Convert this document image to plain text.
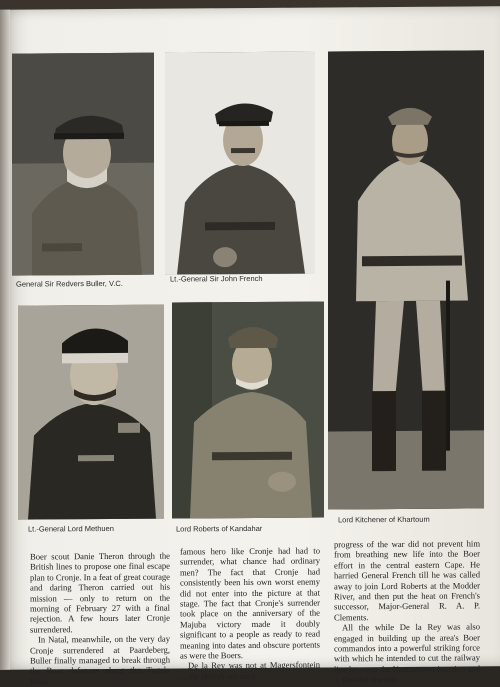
General Sir Redvers Buller, V.C.
Lt.-General Sir John French
Lord Kitchener of Khartoum
Lt.-General Lord Methuen	Lord Roberts of Kandahar

Boer scout Danie Theron through the British lines to propose one final escape plan to Cronje. In a feat of great courage and daring Theron carried out his mission — only to return on the morning of February 27 with a final rejection. A few hours later Cronje surrendered.

In Natal, meanwhile, on the very day Cronje surrendered at Paardeberg, Buller finally managed to break through the Boer defences along the Tugela River

famous hero like Cronje had had to surrender, what chance had ordinary men? The fact that Cronje had consistently been his own worst enemy did not enter into the picture at that stage. The fact that Cronje's surrender took place on the anniversary of the Majuba victory made it doubly significant to a people as ready to read meaning into dates and obscure portents as were the Boers.

De la Rey was not at Magersfontein ... the British advance,

progress of the war did not prevent him from breathing new life into the Boer effort in the central eastern Cape. He harried General French till he was called away to join Lord Roberts at the Modder River, and then put the heat on French's successor, Major-General R. A. P. Clements.

All the while De la Rey was also engaged in building up the area's Boer commandos into a powerful striking force with which he intended to cut the railway line between the Naauwpoort junction and ... thereby disrupt-
